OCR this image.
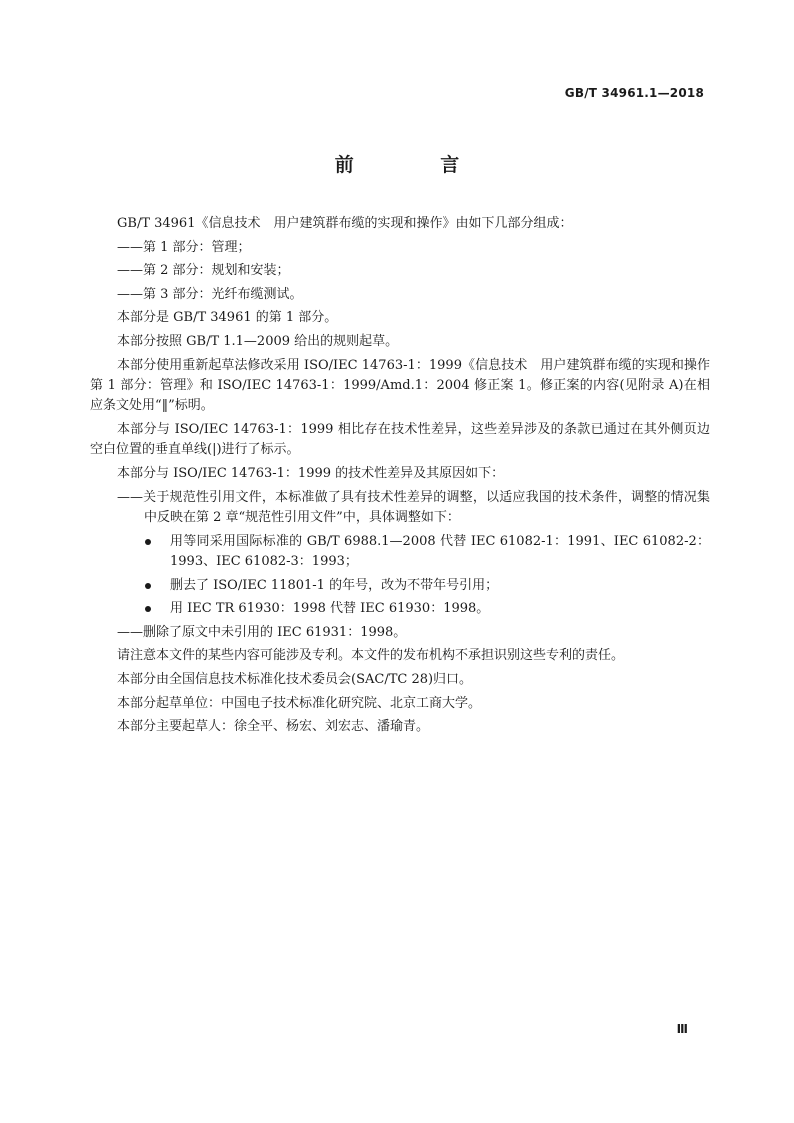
GB/T 34961.1—2018
前 言

GB/T 34961《信息技术　用户建筑群布缆的实现和操作》由如下几部分组成：

——第 1 部分：管理；

——第 2 部分：规划和安装；

——第 3 部分：光纤布缆测试。

本部分是 GB/T 34961 的第 1 部分。

本部分按照 GB/T 1.1—2009 给出的规则起草。

本部分使用重新起草法修改采用 ISO/IEC 14763-1：1999《信息技术　用户建筑群布缆的实现和操作　第 1 部分：管理》和 ISO/IEC 14763-1：1999/Amd.1：2004 修正案 1。修正案的内容(见附录 A)在相应条文处用“‖”标明。

本部分与 ISO/IEC 14763-1：1999 相比存在技术性差异，这些差异涉及的条款已通过在其外侧页边空白位置的垂直单线(|)进行了标示。

本部分与 ISO/IEC 14763-1：1999 的技术性差异及其原因如下：

——关于规范性引用文件，本标准做了具有技术性差异的调整，以适应我国的技术条件，调整的情况集中反映在第 2 章“规范性引用文件”中，具体调整如下：

用等同采用国际标准的 GB/T 6988.1—2008 代替 IEC 61082-1：1991、IEC 61082-2：1993、IEC 61082-3：1993；

删去了 ISO/IEC 11801-1 的年号，改为不带年号引用；

用 IEC TR 61930：1998 代替 IEC 61930：1998。

——删除了原文中未引用的 IEC 61931：1998。

请注意本文件的某些内容可能涉及专利。本文件的发布机构不承担识别这些专利的责任。

本部分由全国信息技术标准化技术委员会(SAC/TC 28)归口。

本部分起草单位：中国电子技术标准化研究院、北京工商大学。

本部分主要起草人：徐全平、杨宏、刘宏志、潘瑜青。

Ⅲ
